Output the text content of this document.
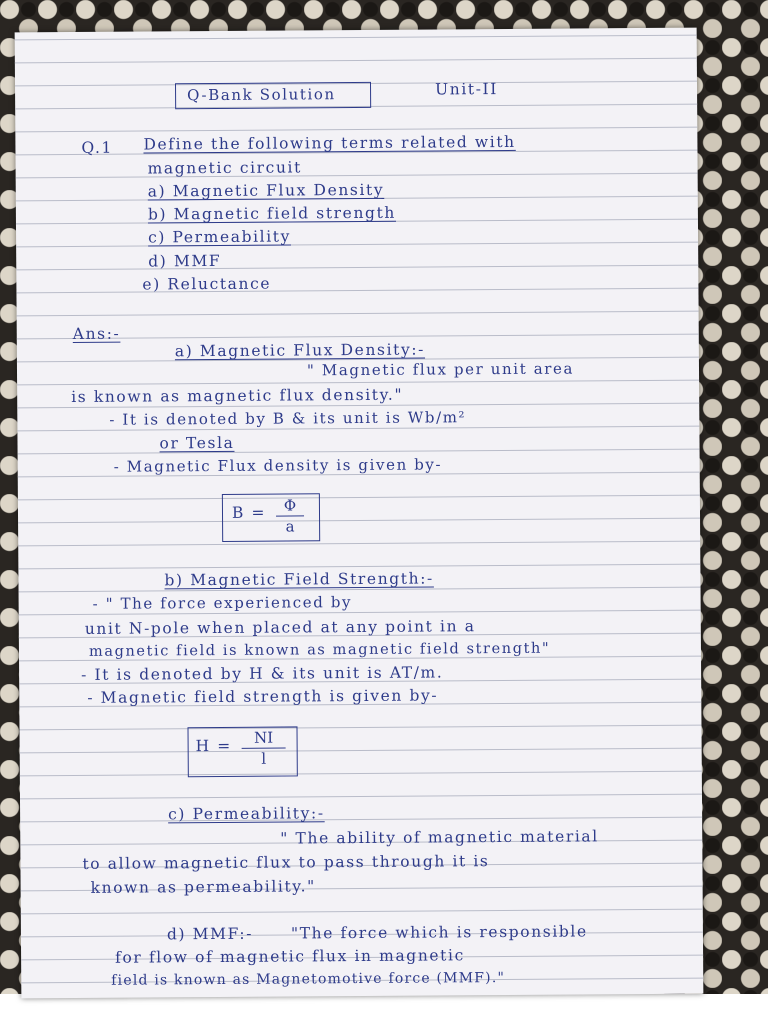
Q-Bank Solution	Unit-II
Q.1 Define the following terms related with
magnetic circuit
a) Magnetic Flux Density
b) Magnetic field strength
c) Permeability
d) MMF
e) Reluctance
Ans:-
a) Magnetic Flux Density:-
" Magnetic flux per unit area
is known as magnetic flux density."
- It is denoted by B & its unit is Wb/m²
or Tesla
- Magnetic Flux density is given by-
B =	Φ
a
b) Magnetic Field Strength:-
- " The force experienced by
unit N-pole when placed at any point in a
magnetic field is known as magnetic field strength"
- It is denoted by H & its unit is AT/m.
- Magnetic field strength is given by-
H =	NI
l
c) Permeability:-
" The ability of magnetic material
to allow magnetic flux to pass through it is
known as permeability."
d) MMF:- "The force which is responsible
for flow of magnetic flux in magnetic
field is known as Magnetomotive force (MMF)."
